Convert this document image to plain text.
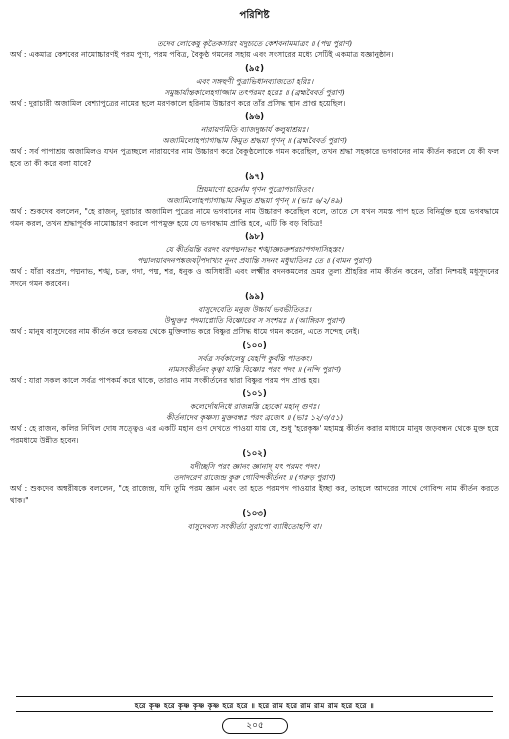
পরিশিষ্ট

তদেব লোকেষু কৃতৈকসারং যদুচ্যতে কেশবনামমাত্রং ॥ (পদ্ম পুরাণ)

অর্থ : একমাত্র কেশবের নামোচ্চারণই পরম পুণ্য, পরম পবিত্র, বৈকুণ্ঠ গমনের সহায় এবং সংসারের মধ্যে সেটিই একমাত্র যজ্ঞানুষ্ঠান।

(৯৫)

এবং সঙ্গহুণী পুত্রাভিধানব্যাজতো হরিঃ।

সমুচ্চার্যান্তকালেহগাজ্জাম তৎপরমং হরেঃ ॥ (ব্রহ্মবৈবর্ত পুরাণ)

অর্থ : দুরাচারী অজামিল বেশ্যাপুত্রের নামের ছলে মরণকালে হরিনাম উচ্চারণ করে তাঁর প্রসিদ্ধ স্থান প্রাপ্ত হয়েছিল।

(৯৬)

নারায়ণমিতি ব্যাজদুচ্চার্য কলুষাশ্রয়ঃ।

অজামিলোহপ্যাগাদ্ধাম কিমুত শ্রদ্ধয়া গৃণন্ ॥ (ব্রহ্মবৈবর্ত পুরাণ)

অর্থ : সর্ব পাপাশ্রয় অজামিলও যখন পুত্রচ্ছলে নারায়ণের নাম উচ্চারণ করে বৈকুণ্ঠলোকে গমন করেছিল, তখন শ্রদ্ধা সহকারে ভগবানের নাম কীর্তন করলে যে কী ফল হবে তা কী করে বলা যাবে?

(৯৭)

ম্রিয়মাণো হরের্নাম গৃণন পুত্রোপচারিতং।

অজামিলোহপ্যাগাদ্ধাম কিমুত শ্রদ্ধয়া গৃণন্ ॥ (ভাঃ ৬/২/৪৯)

অর্থ : শুকদেব বললেন, "হে রাজন্, দুরাচার অজামিল পুত্রের নামে ভগবানের নাম উচ্চারণ করেছিল বলে, তাতে সে যখন সমস্ত পাপ হতে বিনির্মুক্ত হয়ে ভগবদ্ধামে গমন করল, তখন শ্রদ্ধাপূর্বক নামোচ্চারণ করলে পাপমুক্ত হয়ে যে ভগবদ্ধাম প্রাপ্তি হবে, এটি কি বড় বিচিত্র!

(৯৮)

যে কীর্তয়ন্তি বরদং বরপদ্মনাভং শঙ্খাজ্ঞচক্রশরচাপগদাসিহস্তং।

পদ্মালয়াবদনপঙ্কজষট্‌পদাখ্যং নূনং প্রযান্তি সদনং মধুঘাতিনঃ তে ॥ (বামন পুরাণ)

অর্থ : যাঁরা বরপ্রদ, পদ্মনাভ, শঙ্খ, চক্র, গদা, পদ্ম, শর, ধনুক ও অসিধারী এবং লক্ষ্মীর বদনকমলের ভ্রমর তুল্য শ্রীহরির নাম কীর্তন করেন, তাঁরা নিশ্চয়ই মধুসূদনের সদনে গমন করবেন।

(৯৯)

বাসুদেবেতি মনুজ উচ্চার্য ভবভীতিতঃ।

উন্মুক্তঃ পদমাপ্নোতি বিষ্ণোরেব স সংশয়ঃ ॥ (আঙ্গিরস পুরাণ)

অর্থ : মানুষ বাসুদেবের নাম কীর্তন করে ভবভয় থেকে মুক্তিলাভ করে বিষ্ণুর প্রসিদ্ধ ধামে গমন করেন, এতে সন্দেহ নেই।

(১০০)

সর্বত্র সর্বকালেষু যেহপি কুর্বন্তি পাতকং।

নামসংকীর্তনং কৃত্বা যান্তি বিষ্ণোঃ পরং পদং ॥ (নন্দি পুরাণ)

অর্থ : যারা সকল কালে সর্বত্র পাপকর্ম করে থাকে, তারাও নাম সংকীর্তনের দ্বারা বিষ্ণুর পরম পদ প্রাপ্ত হয়।

(১০১)

কলের্দোষনিধে রাজন্নস্তি হ্যেকো মহান্ গুণঃ।

কীর্তনাদেব কৃষ্ণস্য মুক্তবন্ধঃ পরং ব্রজেৎ ॥ (ভাঃ ১২/৩/৫১)

অর্থ : হে রাজন, কলির নিখিল দোষ সত্ত্বেও এর একটি মহান গুণ দেখতে পাওয়া যায় যে, শুধু 'হরেকৃষ্ণ' মহামন্ত্র কীর্তন করার মাধ্যমে মানুষ জড়বন্ধন থেকে মুক্ত হয়ে পরমধামে উন্নীত হবেন।

(১০২)

যদীচ্ছসি পরং জ্ঞানং জ্ঞানাদ্ যৎ পরমং পদং।

তদাদরেণ রাজেন্দ্র কুরু গোবিন্দকীর্তনং ॥ (গরুড় পুরাণ)

অর্থ : শুকদেব অম্বরীষকে বললেন, "হে রাজেন্দ্র, যদি তুমি পরম জ্ঞান এবং তা হতে পরমপদ পাওয়ার ইচ্ছা কর, তাহলে আদরের সাথে গোবিন্দ নাম কীর্তন করতে থাক।"

(১০৩)

বাসুদেবস্য সংকীর্ত্যা সুরাপো ব্যাধিতোহপি বা।

হরে কৃষ্ণ হরে কৃষ্ণ কৃষ্ণ কৃষ্ণ হরে হরে ॥ হরে রাম হরে রাম রাম রাম হরে হরে ॥
২০৫
